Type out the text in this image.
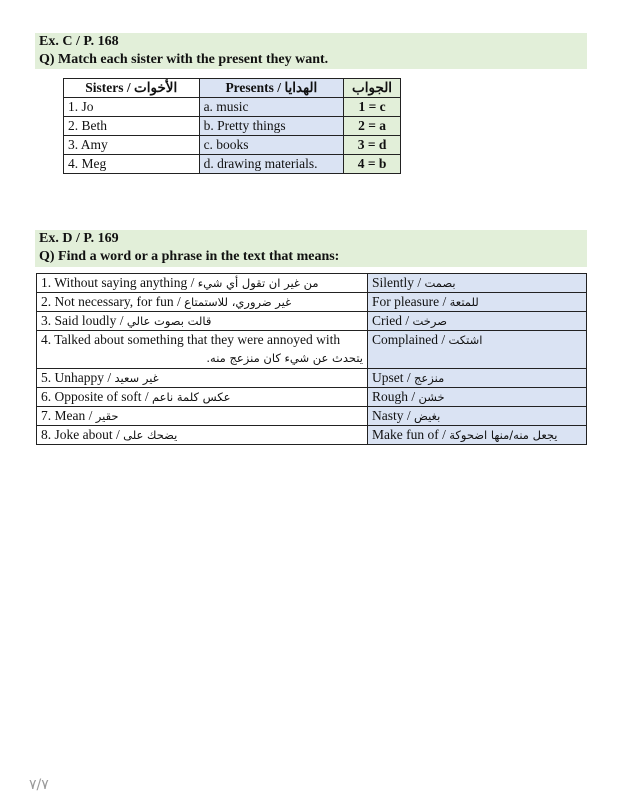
Ex. C / P. 168
Q) Match each sister with the present they want.
Sisters / الأخوات	Presents / الهدايا	الجواب
1. Jo	a. music	1 = c
2. Beth	b. Pretty things	2 = a
3. Amy	c. books	3 = d
4. Meg	d. drawing materials.	4 = b
Ex. D / P. 169
Q) Find a word or a phrase in the text that means:
1. Without saying anything / من غير ان تقول أي شيء	Silently / بصمت
2. Not necessary, for fun / غير ضروري، للاستمتاع	For pleasure / للمتعة
3. Said loudly / قالت بصوت عالي	Cried / صرخت

4. Talked about something that they were annoyed with
يتحدث عن شيء كان منزعج منه.	Complained / اشتكت
5. Unhappy / غير سعيد	Upset / منزعج
6. Opposite of soft / عكس كلمة ناعم	Rough / خشن
7. Mean / حقير	Nasty / بغيض
8. Joke about / يضحك على	Make fun of / يجعل منه/منها اضحوكة
٧/٧
